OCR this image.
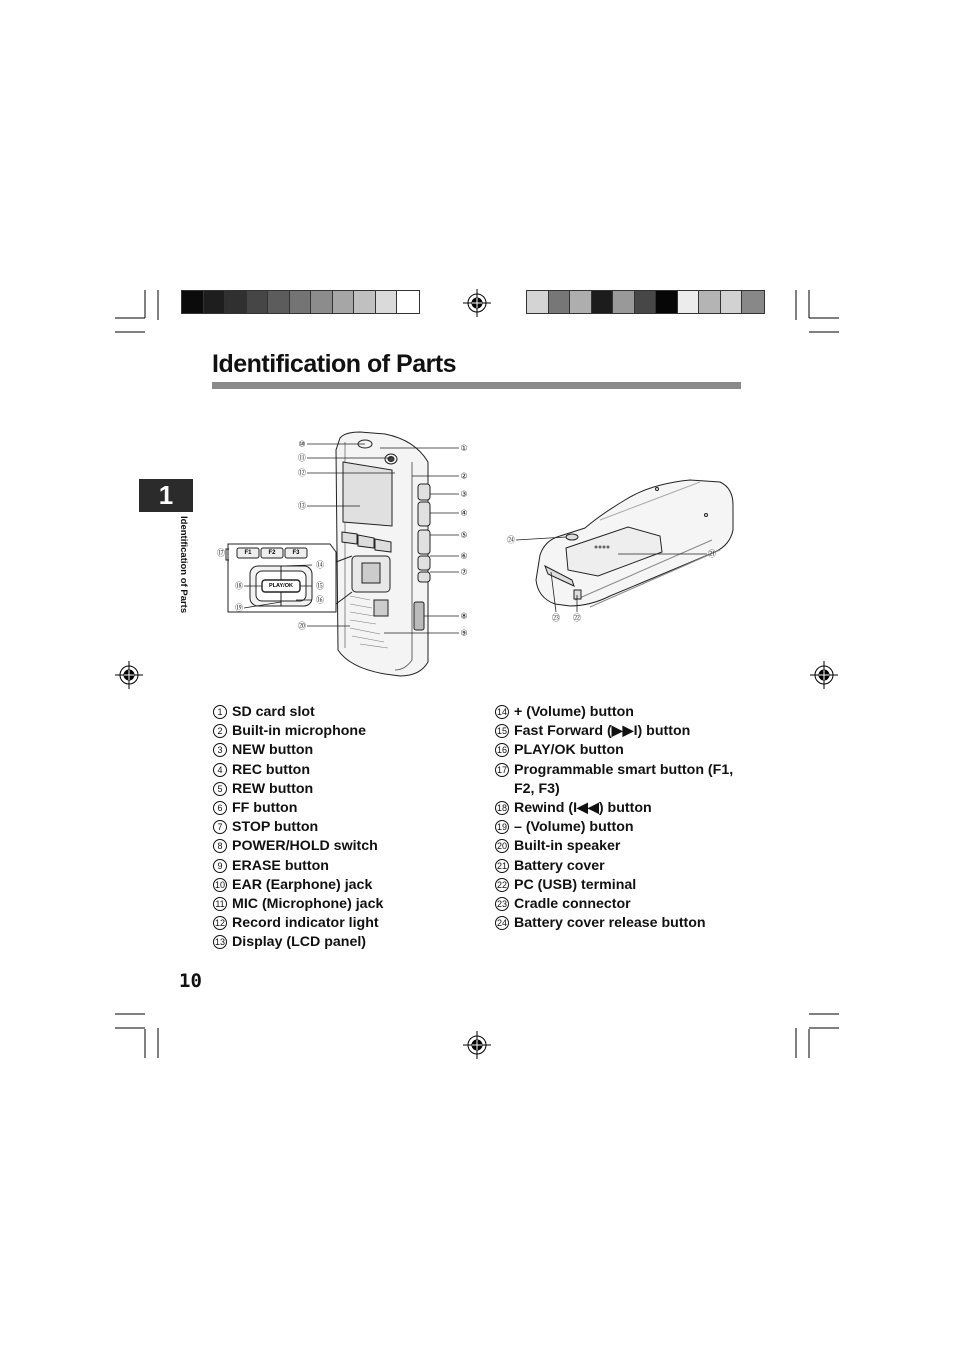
Identification of Parts
1
Identification of Parts	F1	F2	F3
PLAY/OK
⑩
⑪
⑫
⑬
①
②
③
④
⑤
⑥
⑦
⑧
⑨
⑳
⑰
⑭
⑱	⑮
⑯
⑲
㉔
㉑
㉓ ㉒
1 SD card slot
2 Built-in microphone
3 NEW button
4 REC button
5 REW button
6 FF button
7 STOP button
8 POWER/HOLD switch
9 ERASE button
10 EAR (Earphone) jack
11 MIC (Microphone) jack
12 Record indicator light
13 Display (LCD panel)
14 + (Volume) button
15 Fast Forward (▶▶I) button
16 PLAY/OK button
17 Programmable smart button (F1, F2, F3)
18 Rewind (I◀◀) button
19 – (Volume) button
20 Built-in speaker
21 Battery cover
22 PC (USB) terminal
23 Cradle connector
24 Battery cover release button
10
